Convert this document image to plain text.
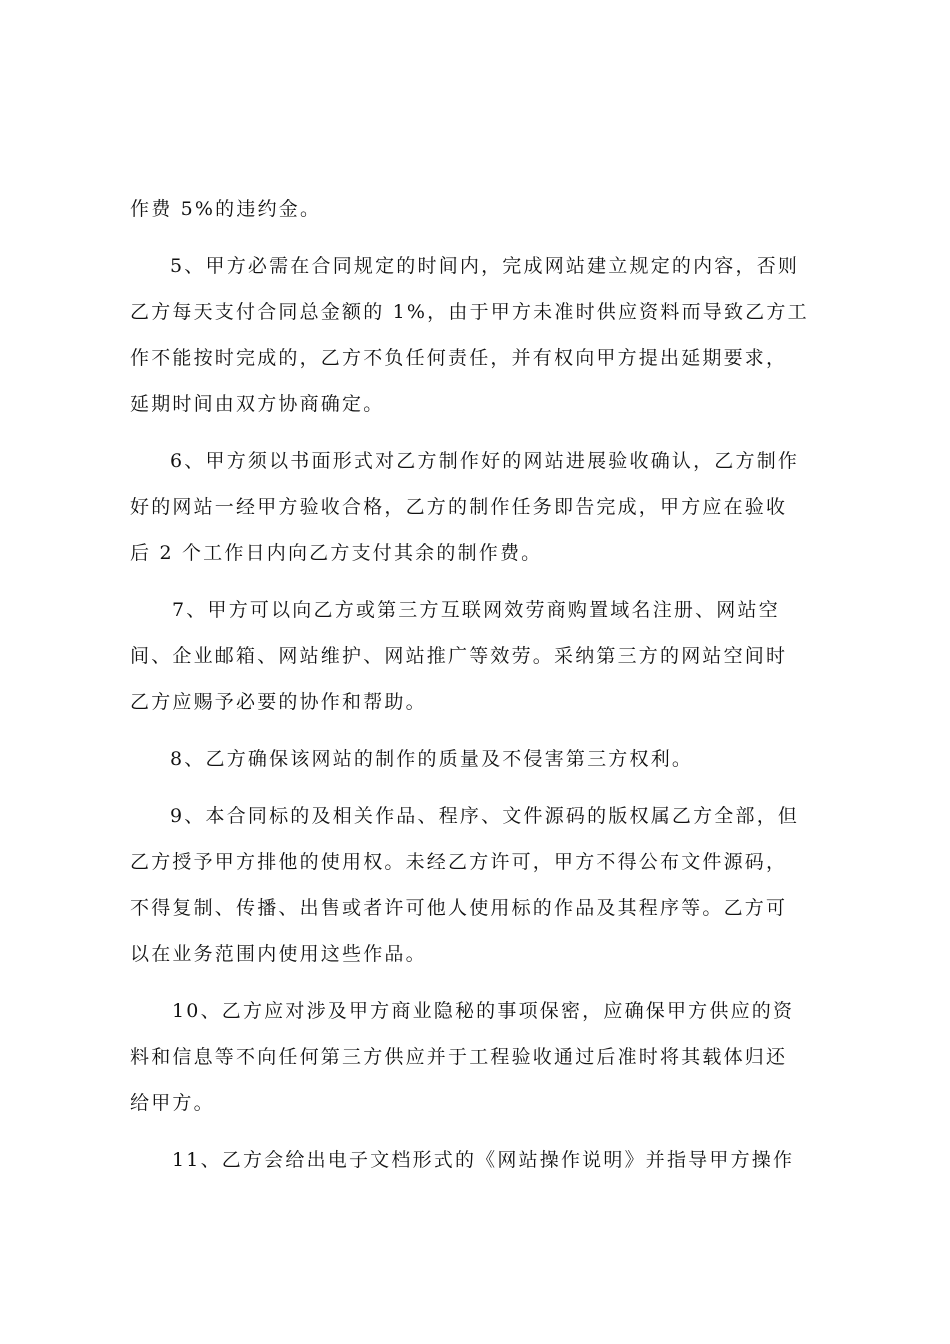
作费 5%的违约金。

5、甲方必需在合同规定的时间内，完成网站建立规定的内容，否则
乙方每天支付合同总金额的 1%，由于甲方未准时供应资料而导致乙方工
作不能按时完成的，乙方不负任何责任，并有权向甲方提出延期要求，
延期时间由双方协商确定。

6、甲方须以书面形式对乙方制作好的网站进展验收确认，乙方制作
好的网站一经甲方验收合格，乙方的制作任务即告完成，甲方应在验收
后 2 个工作日内向乙方支付其余的制作费。

7、甲方可以向乙方或第三方互联网效劳商购置域名注册、网站空
间、企业邮箱、网站维护、网站推广等效劳。采纳第三方的网站空间时
乙方应赐予必要的协作和帮助。

8、乙方确保该网站的制作的质量及不侵害第三方权利。

9、本合同标的及相关作品、程序、文件源码的版权属乙方全部，但
乙方授予甲方排他的使用权。未经乙方许可，甲方不得公布文件源码，
不得复制、传播、出售或者许可他人使用标的作品及其程序等。乙方可
以在业务范围内使用这些作品。

10、乙方应对涉及甲方商业隐秘的事项保密，应确保甲方供应的资
料和信息等不向任何第三方供应并于工程验收通过后准时将其载体归还
给甲方。

11、乙方会给出电子文档形式的《网站操作说明》并指导甲方操作
